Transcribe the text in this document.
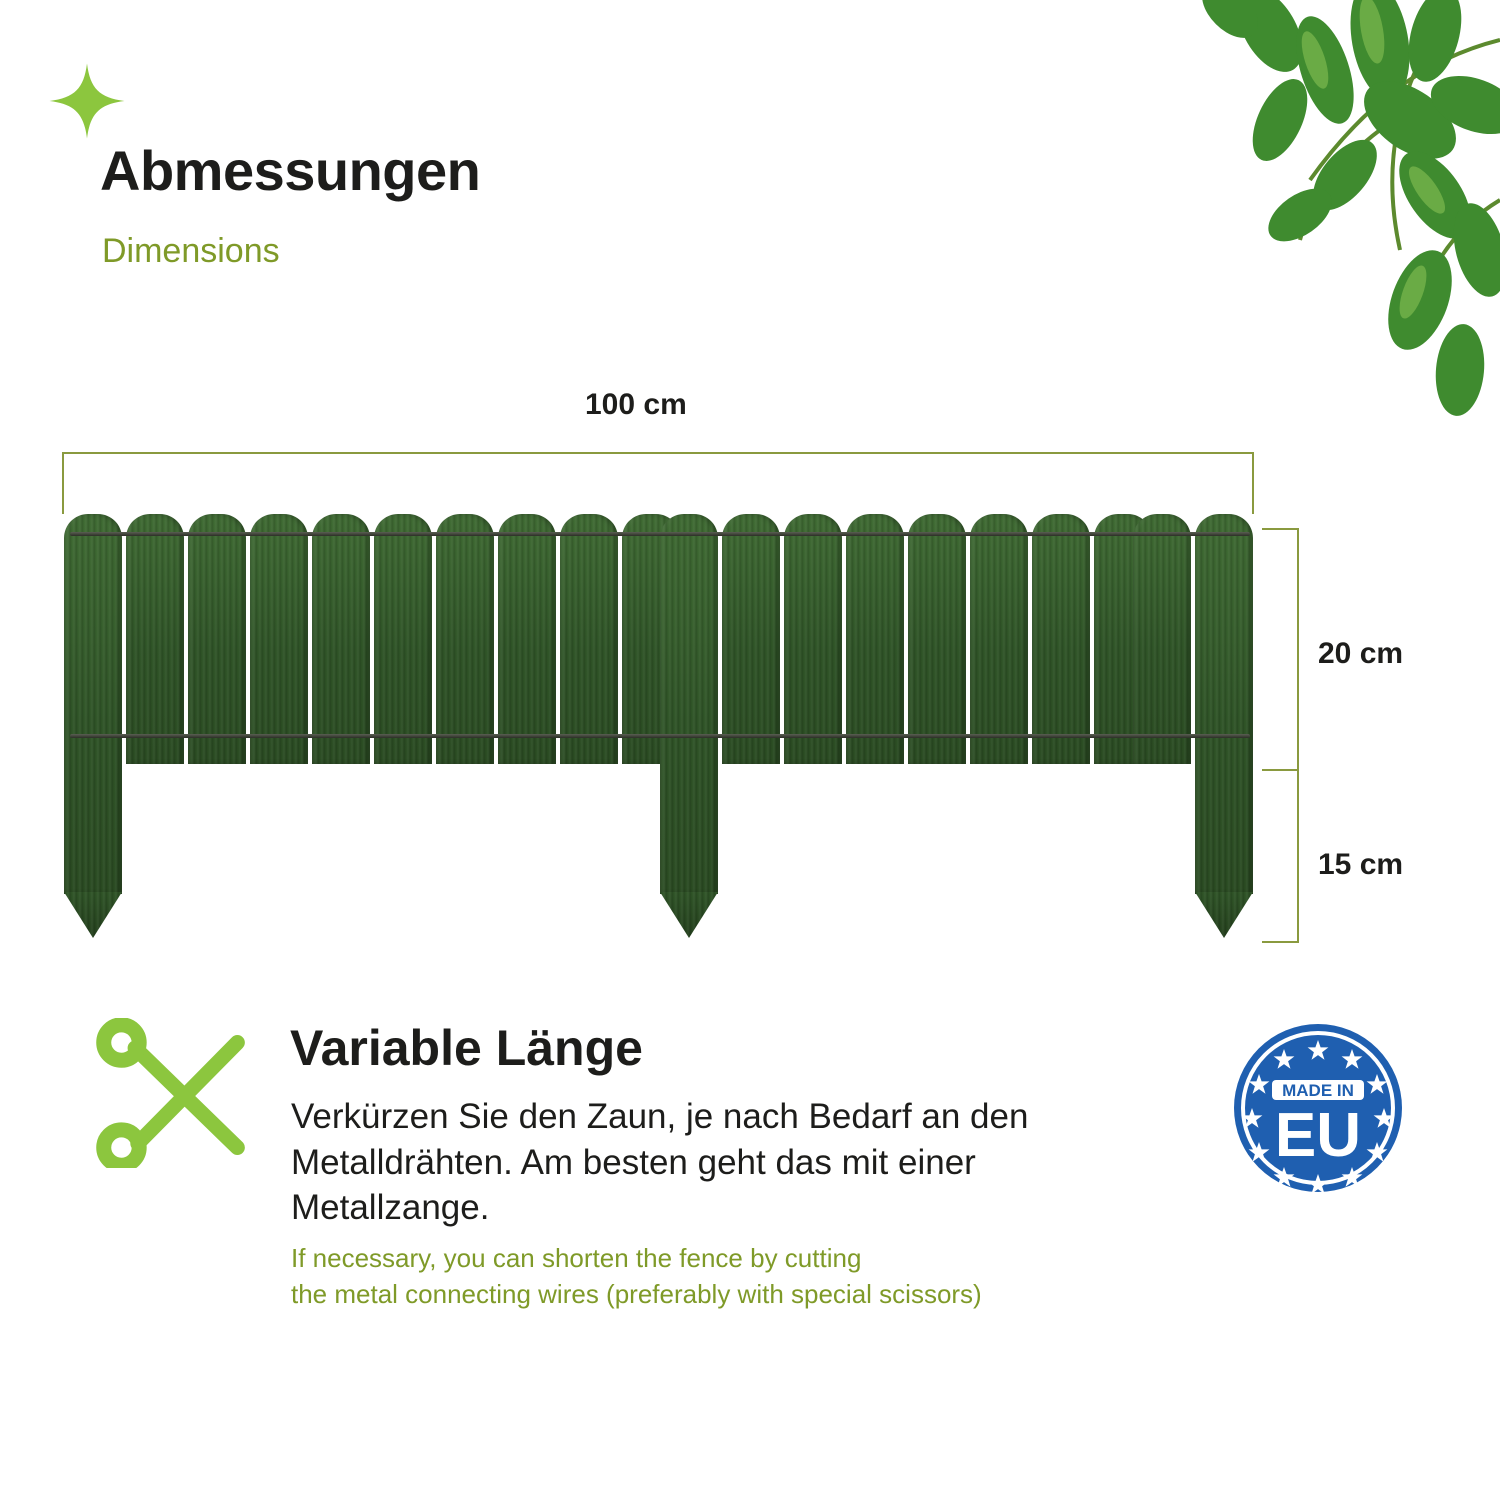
Abmessungen
Dimensions
100 cm
20 cm
15 cm
Variable Länge
Verkürzen Sie den Zaun, je nach Bedarf an den Metalldrähten. Am besten geht das mit einer Metallzange.
If necessary, you can shorten the fence by cutting
the metal connecting wires (preferably with special scissors)
MADE IN
EU
